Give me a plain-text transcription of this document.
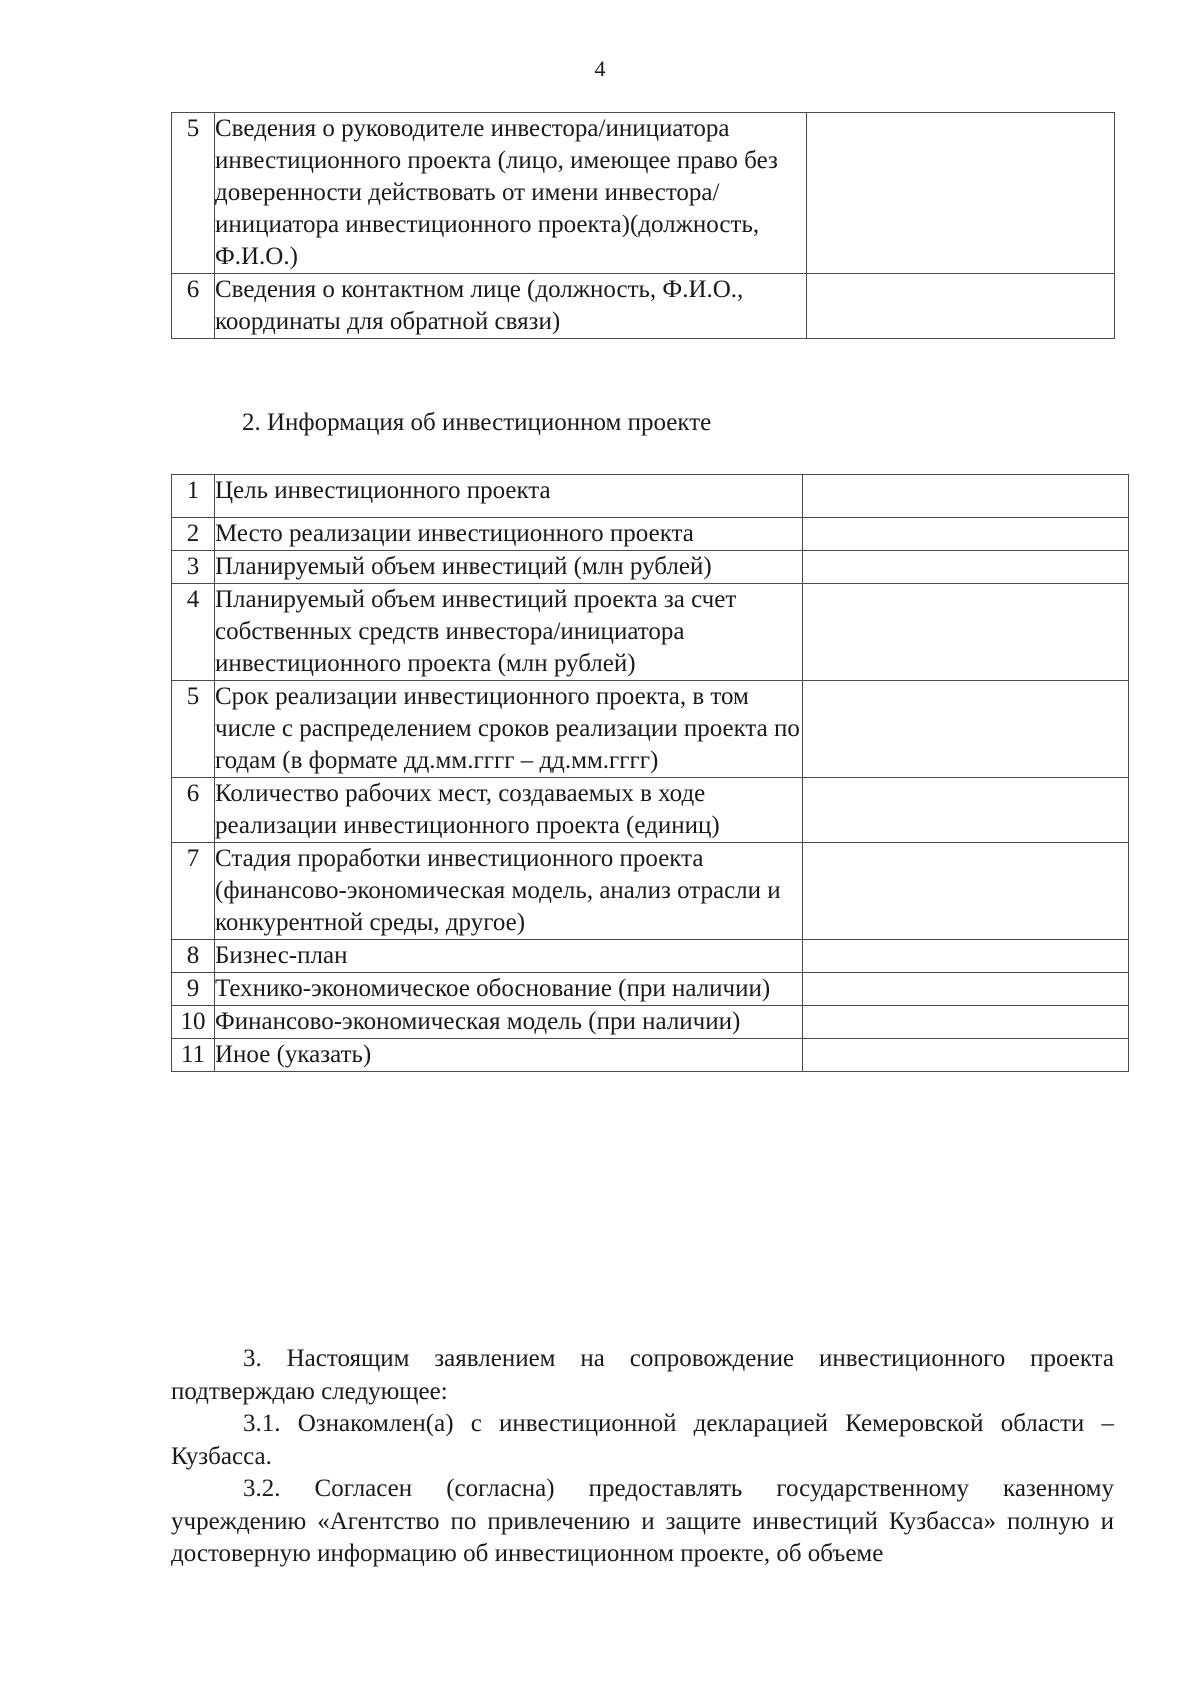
4
5	Сведения о руководителе инвестора/инициатора инвестиционного проекта (лицо, имеющее право без доверенности действовать от имени инвестора/инициатора инвестиционного проекта)(должность, Ф.И.О.)	
6	Сведения о контактном лице (должность, Ф.И.О., координаты для обратной связи)	
2. Информация об инвестиционном проекте
1	Цель инвестиционного проекта	
2	Место реализации инвестиционного проекта	
3	Планируемый объем инвестиций (млн рублей)	
4	Планируемый объем инвестиций проекта за счет собственных средств инвестора/инициатора инвестиционного проекта (млн рублей)	
5	Срок реализации инвестиционного проекта, в том числе с распределением сроков реализации проекта по годам (в формате дд.мм.гггг – дд.мм.гггг)	
6	Количество рабочих мест, создаваемых в ходе реализации инвестиционного проекта (единиц)	
7	Стадия проработки инвестиционного проекта (финансово-экономическая модель, анализ отрасли и конкурентной среды, другое)	
8	Бизнес-план	
9	Технико-экономическое обоснование (при наличии)	
10	Финансово-экономическая модель (при наличии)	
11	Иное (указать)	

3. Настоящим заявлением на сопровождение инвестиционного проекта подтверждаю следующее:

3.1. Ознакомлен(а) с инвестиционной декларацией Кемеровской области – Кузбасса.

3.2. Согласен (согласна) предоставлять государственному казенному учреждению «Агентство по привлечению и защите инвестиций Кузбасса» полную и достоверную информацию об инвестиционном проекте, об объеме
